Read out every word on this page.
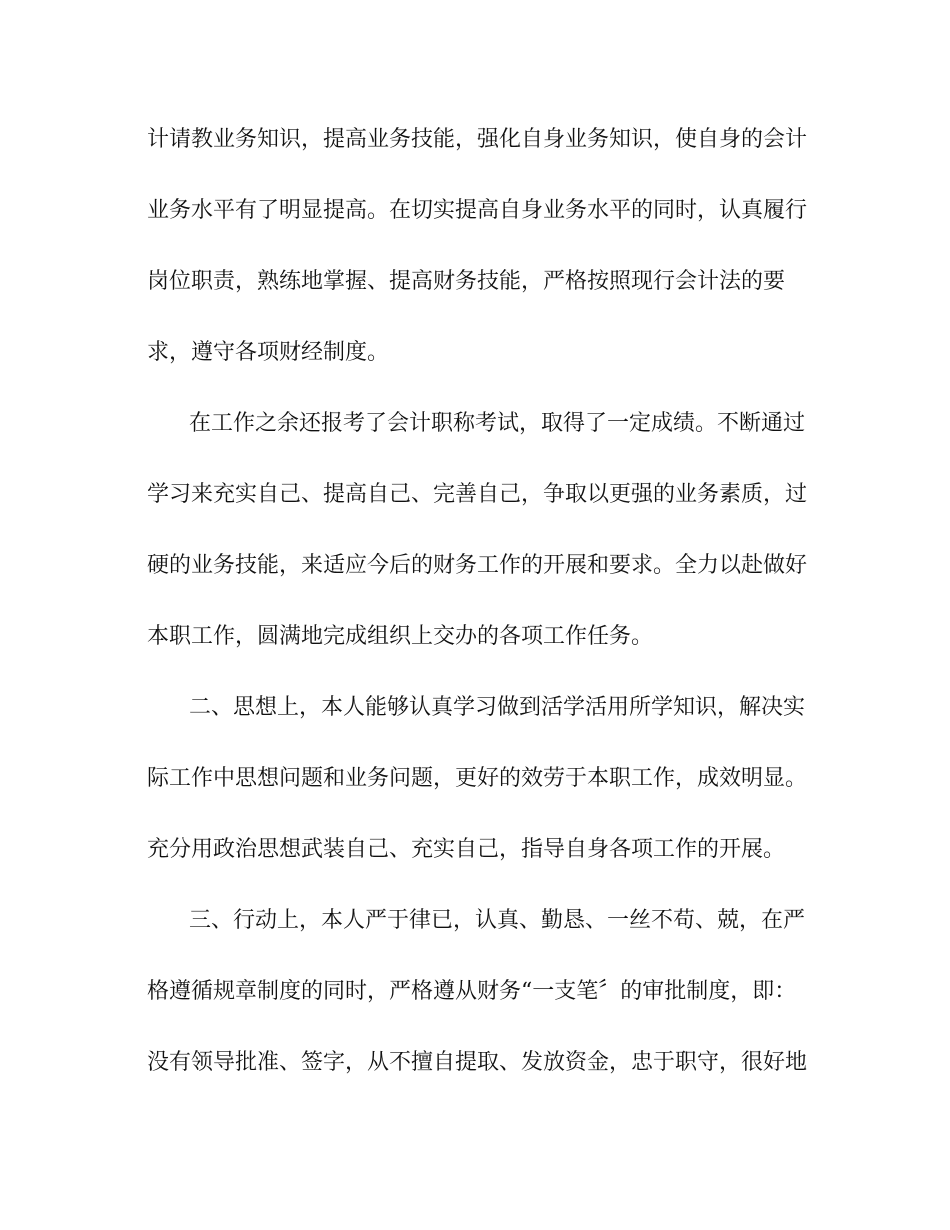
计请教业务知识，提高业务技能，强化自身业务知识，使自身的会计
业务水平有了明显提高。在切实提高自身业务水平的同时，认真履行
岗位职责，熟练地掌握、提高财务技能，严格按照现行会计法的要
求，遵守各项财经制度。
在工作之余还报考了会计职称考试，取得了一定成绩。不断通过
学习来充实自己、提高自己、完善自己，争取以更强的业务素质，过
硬的业务技能，来适应今后的财务工作的开展和要求。全力以赴做好
本职工作，圆满地完成组织上交办的各项工作任务。
二、思想上，本人能够认真学习做到活学活用所学知识，解决实
际工作中思想问题和业务问题，更好的效劳于本职工作，成效明显。
充分用政治思想武装自己、充实自己，指导自身各项工作的开展。
三、行动上，本人严于律已，认真、勤恳、一丝不苟、兢，在严
格遵循规章制度的同时，严格遵从财务“一支笔〞的审批制度，即：
没有领导批准、签字，从不擅自提取、发放资金，忠于职守，很好地
